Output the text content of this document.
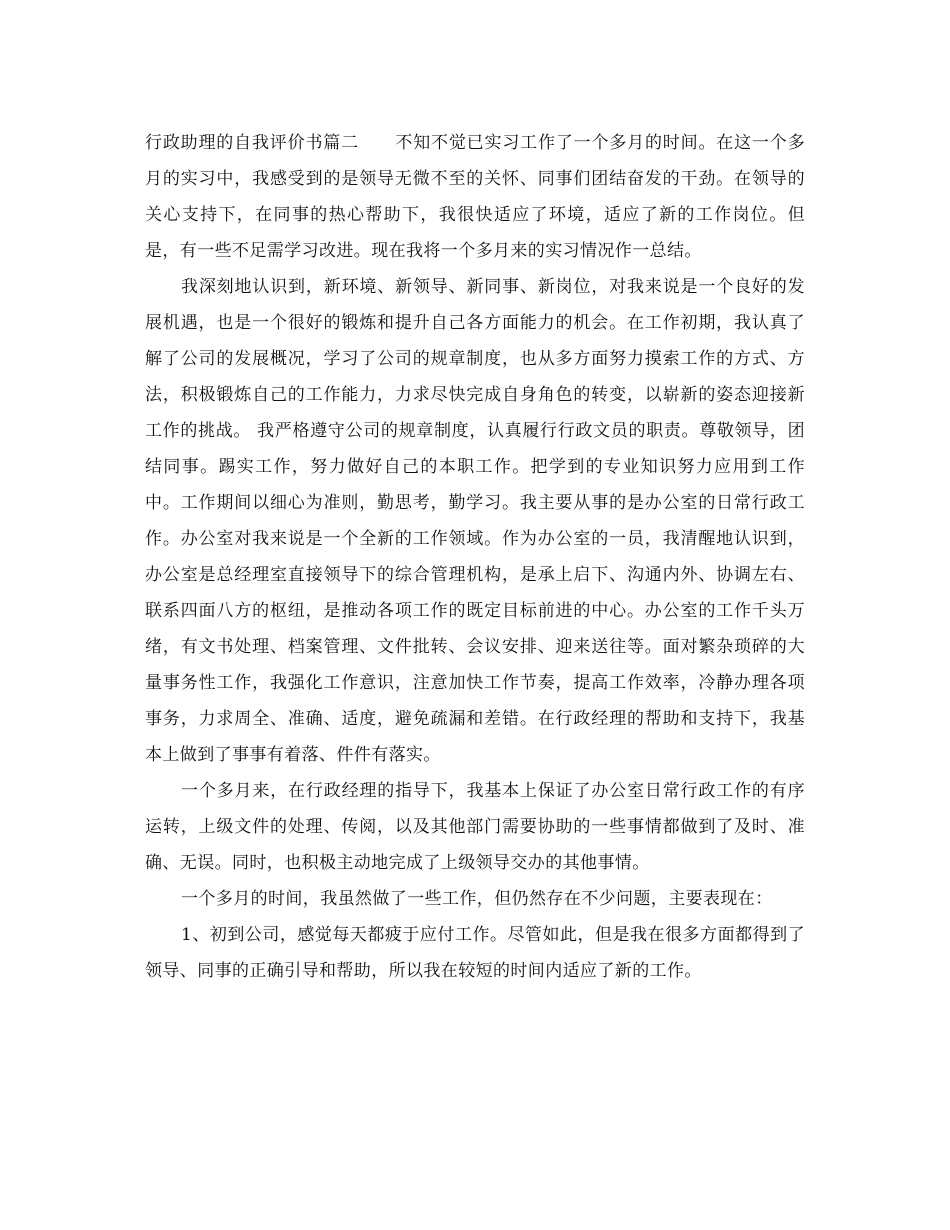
行政助理的自我评价书篇二 不知不觉已实习工作了一个多月的时间。在这一个多月的实习中，我感受到的是领导无微不至的关怀、同事们团结奋发的干劲。在领导的关心支持下，在同事的热心帮助下，我很快适应了环境，适应了新的工作岗位。但是，有一些不足需学习改进。现在我将一个多月来的实习情况作一总结。

我深刻地认识到，新环境、新领导、新同事、新岗位，对我来说是一个良好的发展机遇，也是一个很好的锻炼和提升自己各方面能力的机会。在工作初期，我认真了解了公司的发展概况，学习了公司的规章制度，也从多方面努力摸索工作的方式、方法，积极锻炼自己的工作能力，力求尽快完成自身角色的转变，以崭新的姿态迎接新工作的挑战。 我严格遵守公司的规章制度，认真履行行政文员的职责。尊敬领导，团结同事。踢实工作，努力做好自己的本职工作。把学到的专业知识努力应用到工作中。工作期间以细心为准则，勤思考，勤学习。我主要从事的是办公室的日常行政工作。办公室对我来说是一个全新的工作领域。作为办公室的一员，我清醒地认识到，办公室是总经理室直接领导下的综合管理机构，是承上启下、沟通内外、协调左右、联系四面八方的枢纽，是推动各项工作的既定目标前进的中心。办公室的工作千头万绪，有文书处理、档案管理、文件批转、会议安排、迎来送往等。面对繁杂琐碎的大量事务性工作，我强化工作意识，注意加快工作节奏，提高工作效率，冷静办理各项事务，力求周全、准确、适度，避免疏漏和差错。在行政经理的帮助和支持下，我基本上做到了事事有着落、件件有落实。

一个多月来，在行政经理的指导下，我基本上保证了办公室日常行政工作的有序运转，上级文件的处理、传阅，以及其他部门需要协助的一些事情都做到了及时、准确、无误。同时，也积极主动地完成了上级领导交办的其他事情。

一个多月的时间，我虽然做了一些工作，但仍然存在不少问题，主要表现在：

1、初到公司，感觉每天都疲于应付工作。尽管如此，但是我在很多方面都得到了领导、同事的正确引导和帮助，所以我在较短的时间内适应了新的工作。
